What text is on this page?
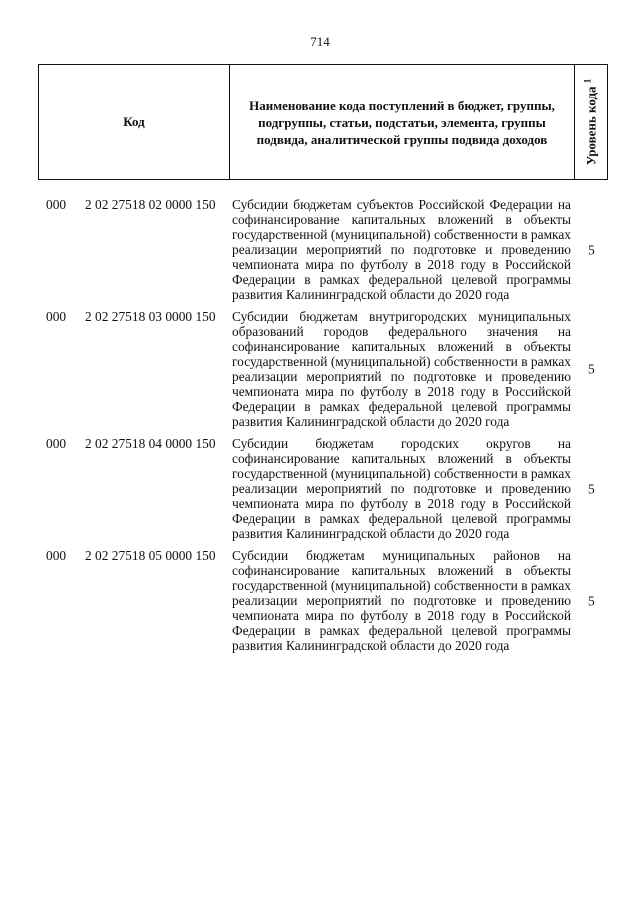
714
Код
Наименование кода поступлений в бюджет, группы, подгруппы, статьи, подстатьи, элемента, группы подвида, аналитической группы подвида доходов	Уровень кода $^1$
000 2 02 27518 02 0000 150 Субсидии бюджетам субъектов Российской Федерации на софинансирование капитальных вложений в объекты государственной (муниципальной) собственности в рамках реализации мероприятий по подготовке и проведению чемпионата мира по футболу в 2018 году в Российской Федерации в рамках федеральной целевой программы развития Калининградской области до 2020 года
5
000 2 02 27518 03 0000 150 Субсидии бюджетам внутригородских муниципальных образований городов федерального значения на софинансирование капитальных вложений в объекты государственной (муниципальной) собственности в рамках реализации мероприятий по подготовке и проведению чемпионата мира по футболу в 2018 году в Российской Федерации в рамках федеральной целевой программы развития Калининградской области до 2020 года
5
000 2 02 27518 04 0000 150 Субсидии бюджетам городских округов на софинансирование капитальных вложений в объекты государственной (муниципальной) собственности в рамках реализации мероприятий по подготовке и проведению чемпионата мира по футболу в 2018 году в Российской Федерации в рамках федеральной целевой программы развития Калининградской области до 2020 года
5
000 2 02 27518 05 0000 150 Субсидии бюджетам муниципальных районов на софинансирование капитальных вложений в объекты государственной (муниципальной) собственности в рамках реализации мероприятий по подготовке и проведению чемпионата мира по футболу в 2018 году в Российской Федерации в рамках федеральной целевой программы развития Калининградской области до 2020 года
5
